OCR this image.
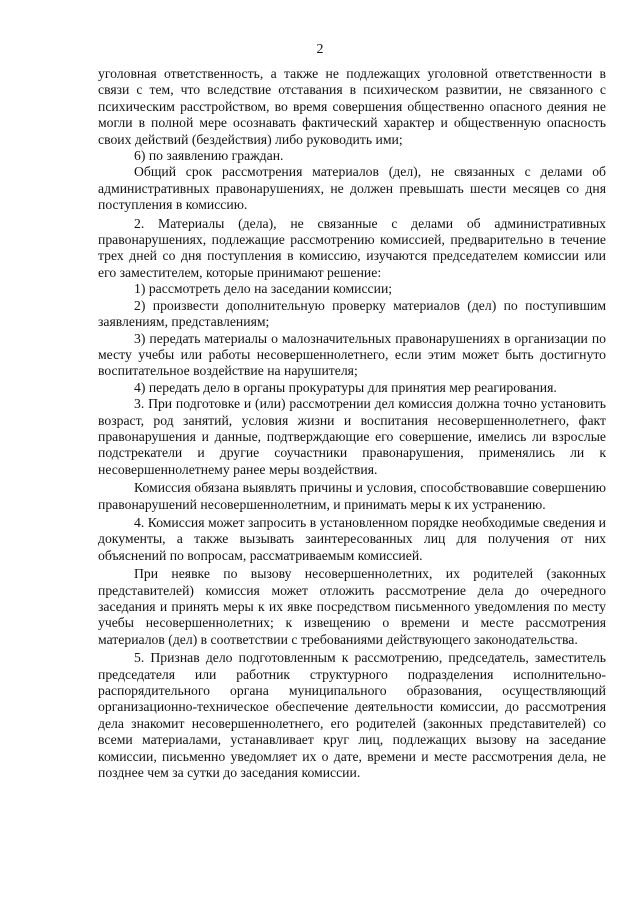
2

уголовная ответственность, а также не подлежащих уголовной ответственности в связи с тем, что вследствие отставания в психическом развитии, не связанного с психическим расстройством, во время совершения общественно опасного деяния не могли в полной мере осознавать фактический характер и общественную опасность своих действий (бездействия) либо руководить ими;

6) по заявлению граждан.

Общий срок рассмотрения материалов (дел), не связанных с делами об административных правонарушениях, не должен превышать шести месяцев со дня поступления в комиссию.

2. Материалы (дела), не связанные с делами об административных правонарушениях, подлежащие рассмотрению комиссией, предварительно в течение трех дней со дня поступления в комиссию, изучаются председателем комиссии или его заместителем, которые принимают решение:

1) рассмотреть дело на заседании комиссии;

2) произвести дополнительную проверку материалов (дел) по поступившим заявлениям, представлениям;

3) передать материалы о малозначительных правонарушениях в организации по месту учебы или работы несовершеннолетнего, если этим может быть достигнуто воспитательное воздействие на нарушителя;

4) передать дело в органы прокуратуры для принятия мер реагирования.

3. При подготовке и (или) рассмотрении дел комиссия должна точно установить возраст, род занятий, условия жизни и воспитания несовершеннолетнего, факт правонарушения и данные, подтверждающие его совершение, имелись ли взрослые подстрекатели и другие соучастники правонарушения, применялись ли к несовершеннолетнему ранее меры воздействия.

Комиссия обязана выявлять причины и условия, способствовавшие совершению правонарушений несовершеннолетним, и принимать меры к их устранению.

4. Комиссия может запросить в установленном порядке необходимые сведения и документы, а также вызывать заинтересованных лиц для получения от них объяснений по вопросам, рассматриваемым комиссией.

При неявке по вызову несовершеннолетних, их родителей (законных представителей) комиссия может отложить рассмотрение дела до очередного заседания и принять меры к их явке посредством письменного уведомления по месту учебы несовершеннолетних; к извещению о времени и месте рассмотрения материалов (дел) в соответствии с требованиями действующего законодательства.

5. Признав дело подготовленным к рассмотрению, председатель, заместитель председателя или работник структурного подразделения исполнительно-распорядительного органа муниципального образования, осуществляющий организационно-техническое обеспечение деятельности комиссии, до рассмотрения дела знакомит несовершеннолетнего, его родителей (законных представителей) со всеми материалами, устанавливает круг лиц, подлежащих вызову на заседание комиссии, письменно уведомляет их о дате, времени и месте рассмотрения дела, не позднее чем за сутки до заседания комиссии.
